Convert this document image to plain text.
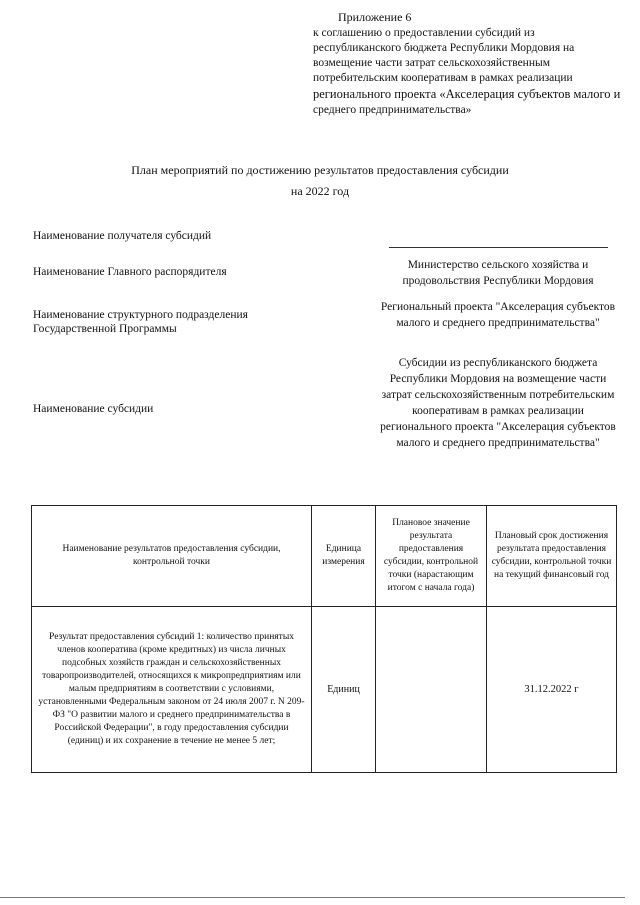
Приложение 6
к соглашению о предоставлении субсидий из
республиканского бюджета Республики Мордовия на
возмещение части затрат сельскохозяйственным
потребительским кооперативам в рамках реализации
регионального проекта «Акселерация субъектов малого и
среднего предпринимательства»
План мероприятий по достижению результатов предоставления субсидии
на 2022 год
Наименование получателя субсидий
Наименование Главного распорядителя
Министерство сельского хозяйства и продовольствия Республики Мордовия
Наименование структурного подразделения Государственной Программы
Региональный проекта "Акселерация субъектов малого и среднего предпринимательства"
Наименование субсидии
Субсидии из республиканского бюджета Республики Мордовия на возмещение части затрат сельскохозяйственным потребительским кооперативам в рамках реализации регионального проекта "Акселерация субъектов малого и среднего предпринимательства"
Наименование результатов предоставления субсидии, контрольной точки	Единица измерения	Плановое значение результата предоставления субсидии, контрольной точки (нарастающим итогом с начала года)	Плановый срок достижения результата предоставления субсидии, контрольной точки на текущий финансовый год
Результат предоставления субсидий 1: количество принятых членов кооператива (кроме кредитных) из числа личных подсобных хозяйств граждан и сельскохозяйственных товаропроизводителей, относящихся к микропредприятиям или малым предприятиям в соответствии с условиями, установленными Федеральным законом от 24 июля 2007 г. N 209-ФЗ "О развитии малого и среднего предпринимательства в Российской Федерации", в году предоставления субсидии (единиц) и их сохранение в течение не менее 5 лет;	Единиц		31.12.2022 г
